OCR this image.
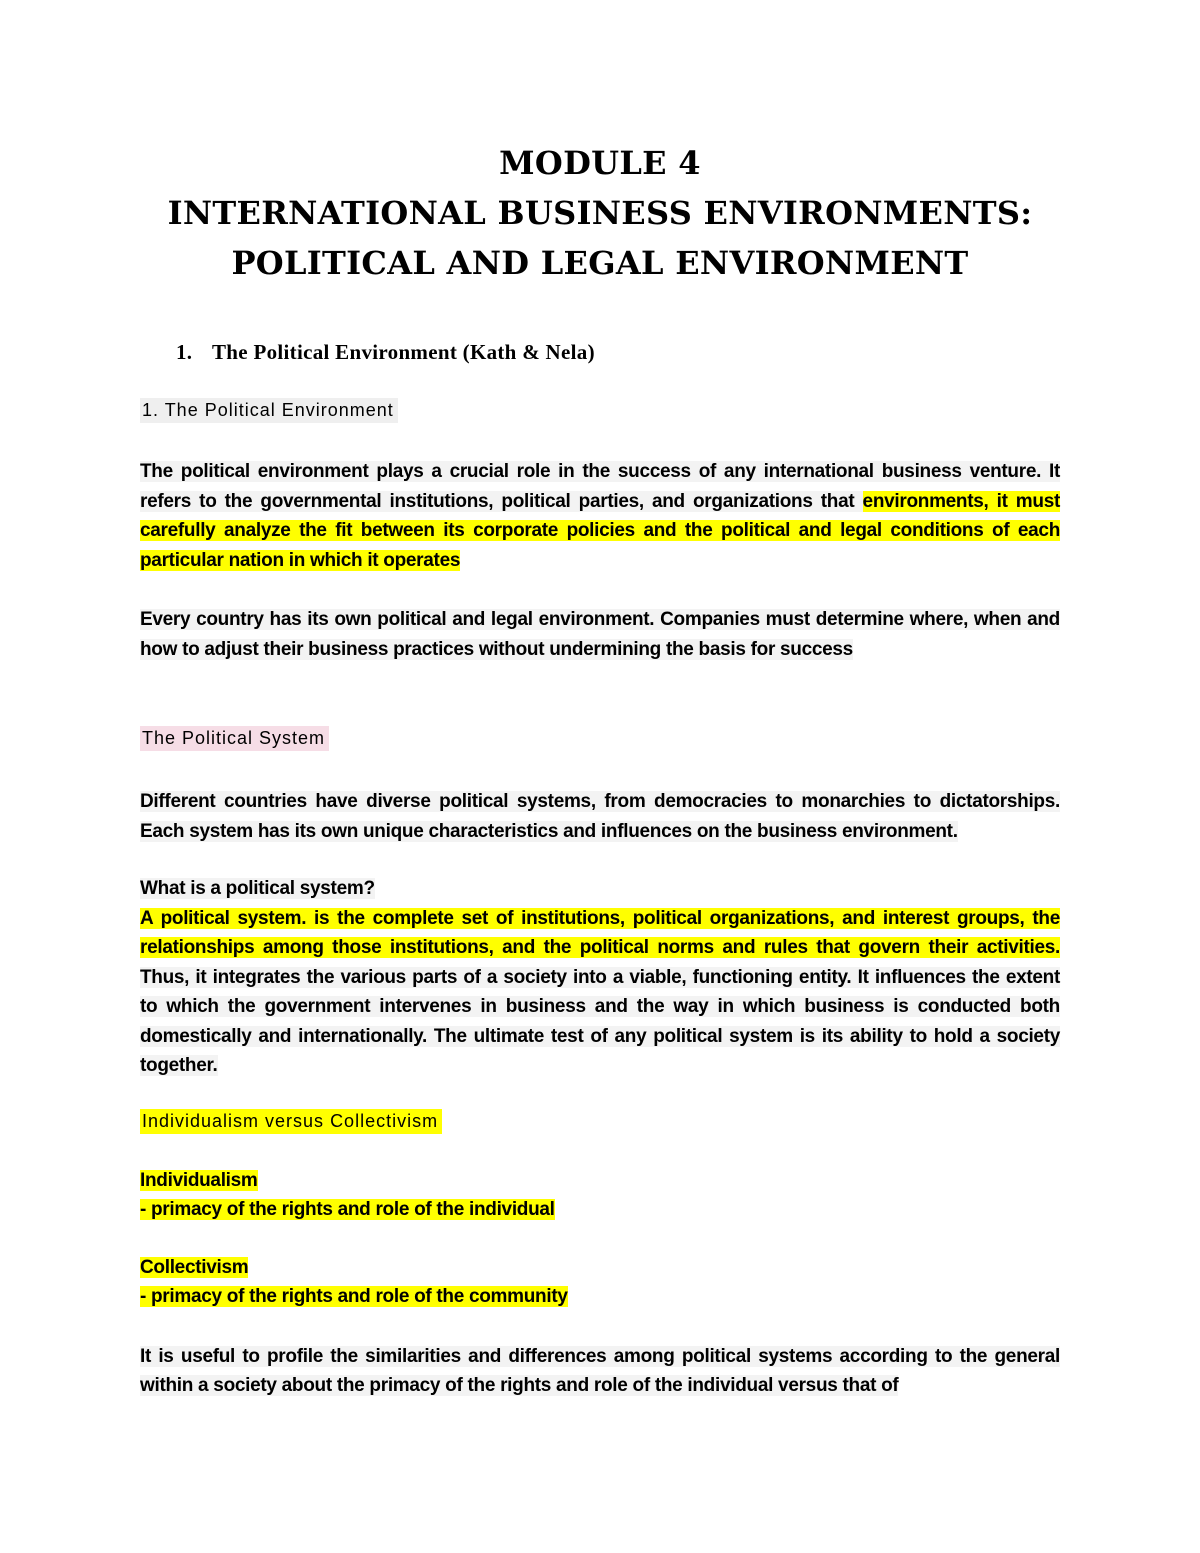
MODULE 4
INTERNATIONAL BUSINESS ENVIRONMENTS:
POLITICAL AND LEGAL ENVIRONMENT
1. The Political Environment (Kath & Nela)
1. The Political Environment

The political environment plays a crucial role in the success of any international business venture. It refers to the governmental institutions, political parties, and organizations that environments, it must carefully analyze the fit between its corporate policies and the political and legal conditions of each particular nation in which it operates

Every country has its own political and legal environment. Companies must determine where, when and how to adjust their business practices without undermining the basis for success

The Political System

Different countries have diverse political systems, from democracies to monarchies to dictatorships. Each system has its own unique characteristics and influences on the business environment.

What is a political system?

A political system. is the complete set of institutions, political organizations, and interest groups, the relationships among those institutions, and the political norms and rules that govern their activities. Thus, it integrates the various parts of a society into a viable, functioning entity. It influences the extent to which the government intervenes in business and the way in which business is conducted both domestically and internationally. The ultimate test of any political system is its ability to hold a society together.

Individualism versus Collectivism

Individualism
- primacy of the rights and role of the individual

Collectivism
- primacy of the rights and role of the community

It is useful to profile the similarities and differences among political systems according to the general within a society about the primacy of the rights and role of the individual versus that of
